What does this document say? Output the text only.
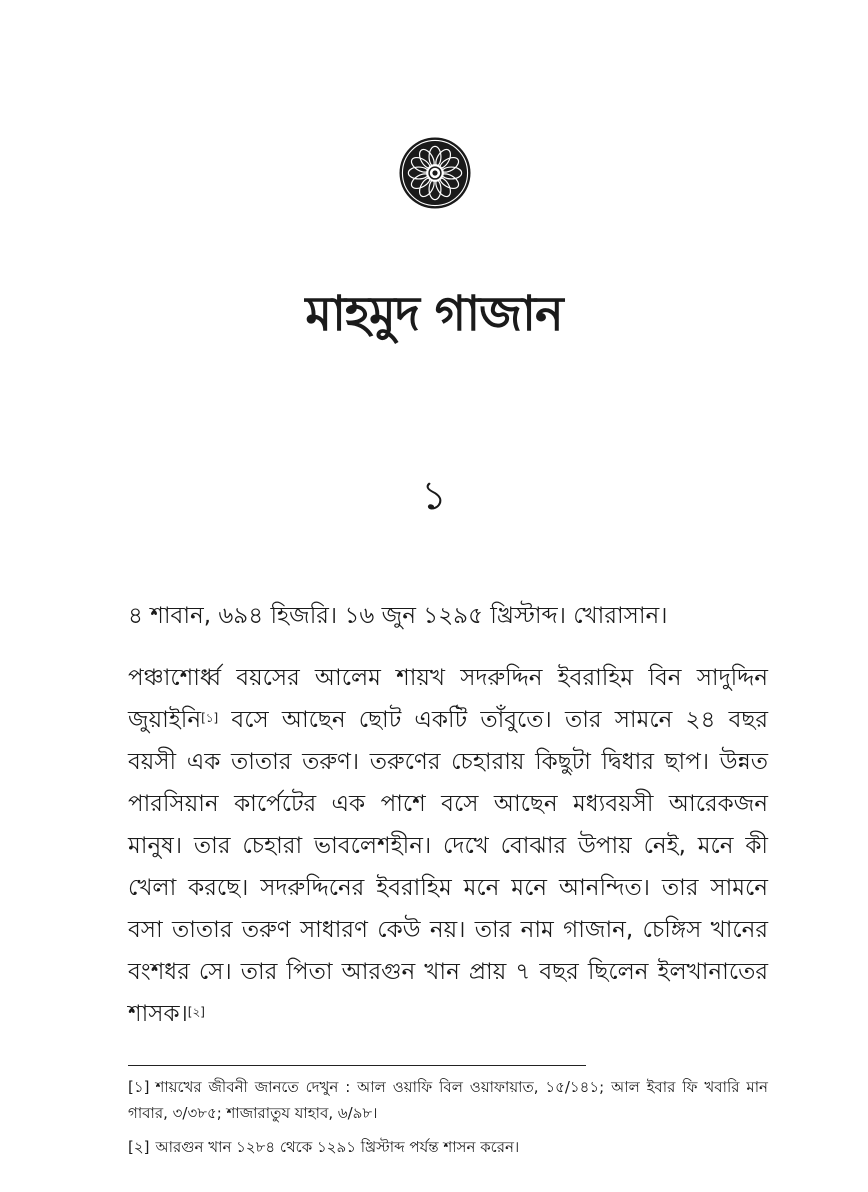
মাহমুদ গাজান
১
৪ শাবান, ৬৯৪ হিজরি। ১৬ জুন ১২৯৫ খ্রিস্টাব্দ। খোরাসান।

পঞ্চাশোর্ধ্ব বয়সের আলেম শায়খ সদরুদ্দিন ইবরাহিম বিন সাদুদ্দিন জুয়াইনি[১] বসে আছেন ছোট একটি তাঁবুতে। তার সামনে ২৪ বছর বয়সী এক তাতার তরুণ। তরুণের চেহারায় কিছুটা দ্বিধার ছাপ। উন্নত পারসিয়ান কার্পেটের এক পাশে বসে আছেন মধ্যবয়সী আরেকজন মানুষ। তার চেহারা ভাবলেশহীন। দেখে বোঝার উপায় নেই, মনে কী খেলা করছে। সদরুদ্দিনের ইবরাহিম মনে মনে আনন্দিত। তার সামনে বসা তাতার তরুণ সাধারণ কেউ নয়। তার নাম গাজান, চেঙ্গিস খানের বংশধর সে। তার পিতা আরগুন খান প্রায় ৭ বছর ছিলেন ইলখানাতের শাসক।[২]

[১] শায়খের জীবনী জানতে দেখুন : আল ওয়াফি বিল ওয়াফায়াত, ১৫/১৪১; আল ইবার ফি খবারি মান গাবার, ৩/৩৮৫; শাজারাতুয যাহাব, ৬/৯৮।

[২] আরগুন খান ১২৮৪ থেকে ১২৯১ খ্রিস্টাব্দ পর্যন্ত শাসন করেন।
